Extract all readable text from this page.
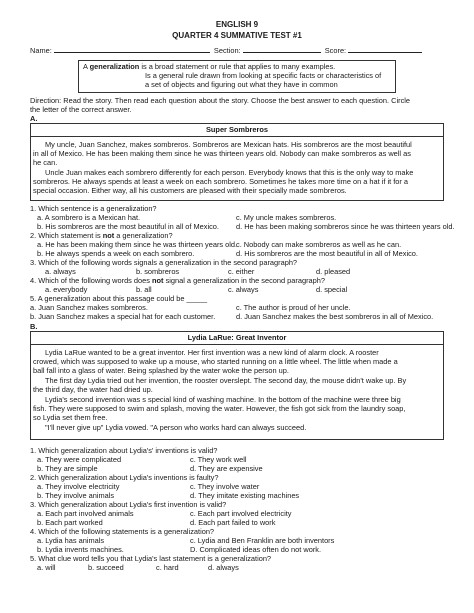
ENGLISH 9
QUARTER 4 SUMMATIVE TEST #1
Name:	Section:	Score:
A generalization is a broad statement or rule that applies to many examples.
Is a general rule drawn from looking at specific facts or characteristics of
a set of objects and figuring out what they have in common
Direction: Read the story. Then read each question about the story. Choose the best answer to each question. Circle
the letter of the correct answer.
A.
Super Sombreros
My uncle, Juan Sanchez, makes sombreros. Sombreros are Mexican hats. His sombreros are the most beautiful
in all of Mexico. He has been making them since he was thirteen years old. Nobody can make sombreros as well as
he can.
Uncle Juan makes each sombrero differently for each person. Everybody knows that this is the only way to make
sombreros. He always spends at least a week on each sombrero. Sometimes he takes more time on a hat if it for a
special occasion. Either way, all his customers are pleased with their specially made sombreros.
1. Which sentence is a generalization?
a. A sombrero is a Mexican hat.	c. My uncle makes sombreros.
b. His sombreros are the most beautiful in all of Mexico. d. He has been making sombreros since he was thirteen years old.
2. Which statement is not a generalization?
a. He has been making them since he was thirteen years old.
c. Nobody can make sombreros as well as he can.
b. He always spends a week on each sombrero.	d. His sombreros are the most beautiful in all of Mexico.
3. Which of the following words signals a generalization in the second paragraph?
a. always	b. sombreros	c. either	d. pleased
4. Which of the following words does not signal a generalization in the second paragraph?
a. everybody	b. all	c. always	d. special
5. A generalization about this passage could be _____
a. Juan Sanchez makes sombreros.	c. The author is proud of her uncle.
b. Juan Sanchez makes a special hat for each customer.	d. Juan Sanchez makes the best sombreros in all of Mexico.
B.
Lydia LaRue: Great Inventor
Lydia LaRue wanted to be a great inventor. Her first invention was a new kind of alarm clock. A rooster
crowed, which was supposed to wake up a mouse, who started running on a little wheel. The little when made a
ball fall into a glass of water. Being splashed by the water woke the person up.
The first day Lydia tried out her invention, the rooster overslept. The second day, the mouse didn't wake up. By
the third day, the water had dried up.
Lydia's second invention was s special kind of washing machine. In the bottom of the machine were three big
fish. They were supposed to swim and splash, moving the water. However, the fish got sick from the laundry soap,
so Lydia set them free.
"I'll never give up" Lydia vowed. "A person who works hard can always succeed.
1. Which generalization about Lydia's' inventions is valid?
a. They were complicated	c. They work well
b. They are simple	d. They are expensive
2. Which generalization about Lydia's inventions is faulty?
a. They involve electricity	c. They involve water
b. They involve animals	d. They imitate existing machines
3. Which generalization about Lydia's first invention is valid?
a. Each part involved animals	c. Each part involved electricity
b. Each part worked	d. Each part failed to work
4. Which of the following statements is a generalization?
a. Lydia has animals	c. Lydia and Ben Franklin are both inventors
b. Lydia invents machines.	D. Complicated ideas often do not work.
5. What clue word tells you that Lydia's last statement is a generalization?
a. will	b. succeed	c. hard	d. always
